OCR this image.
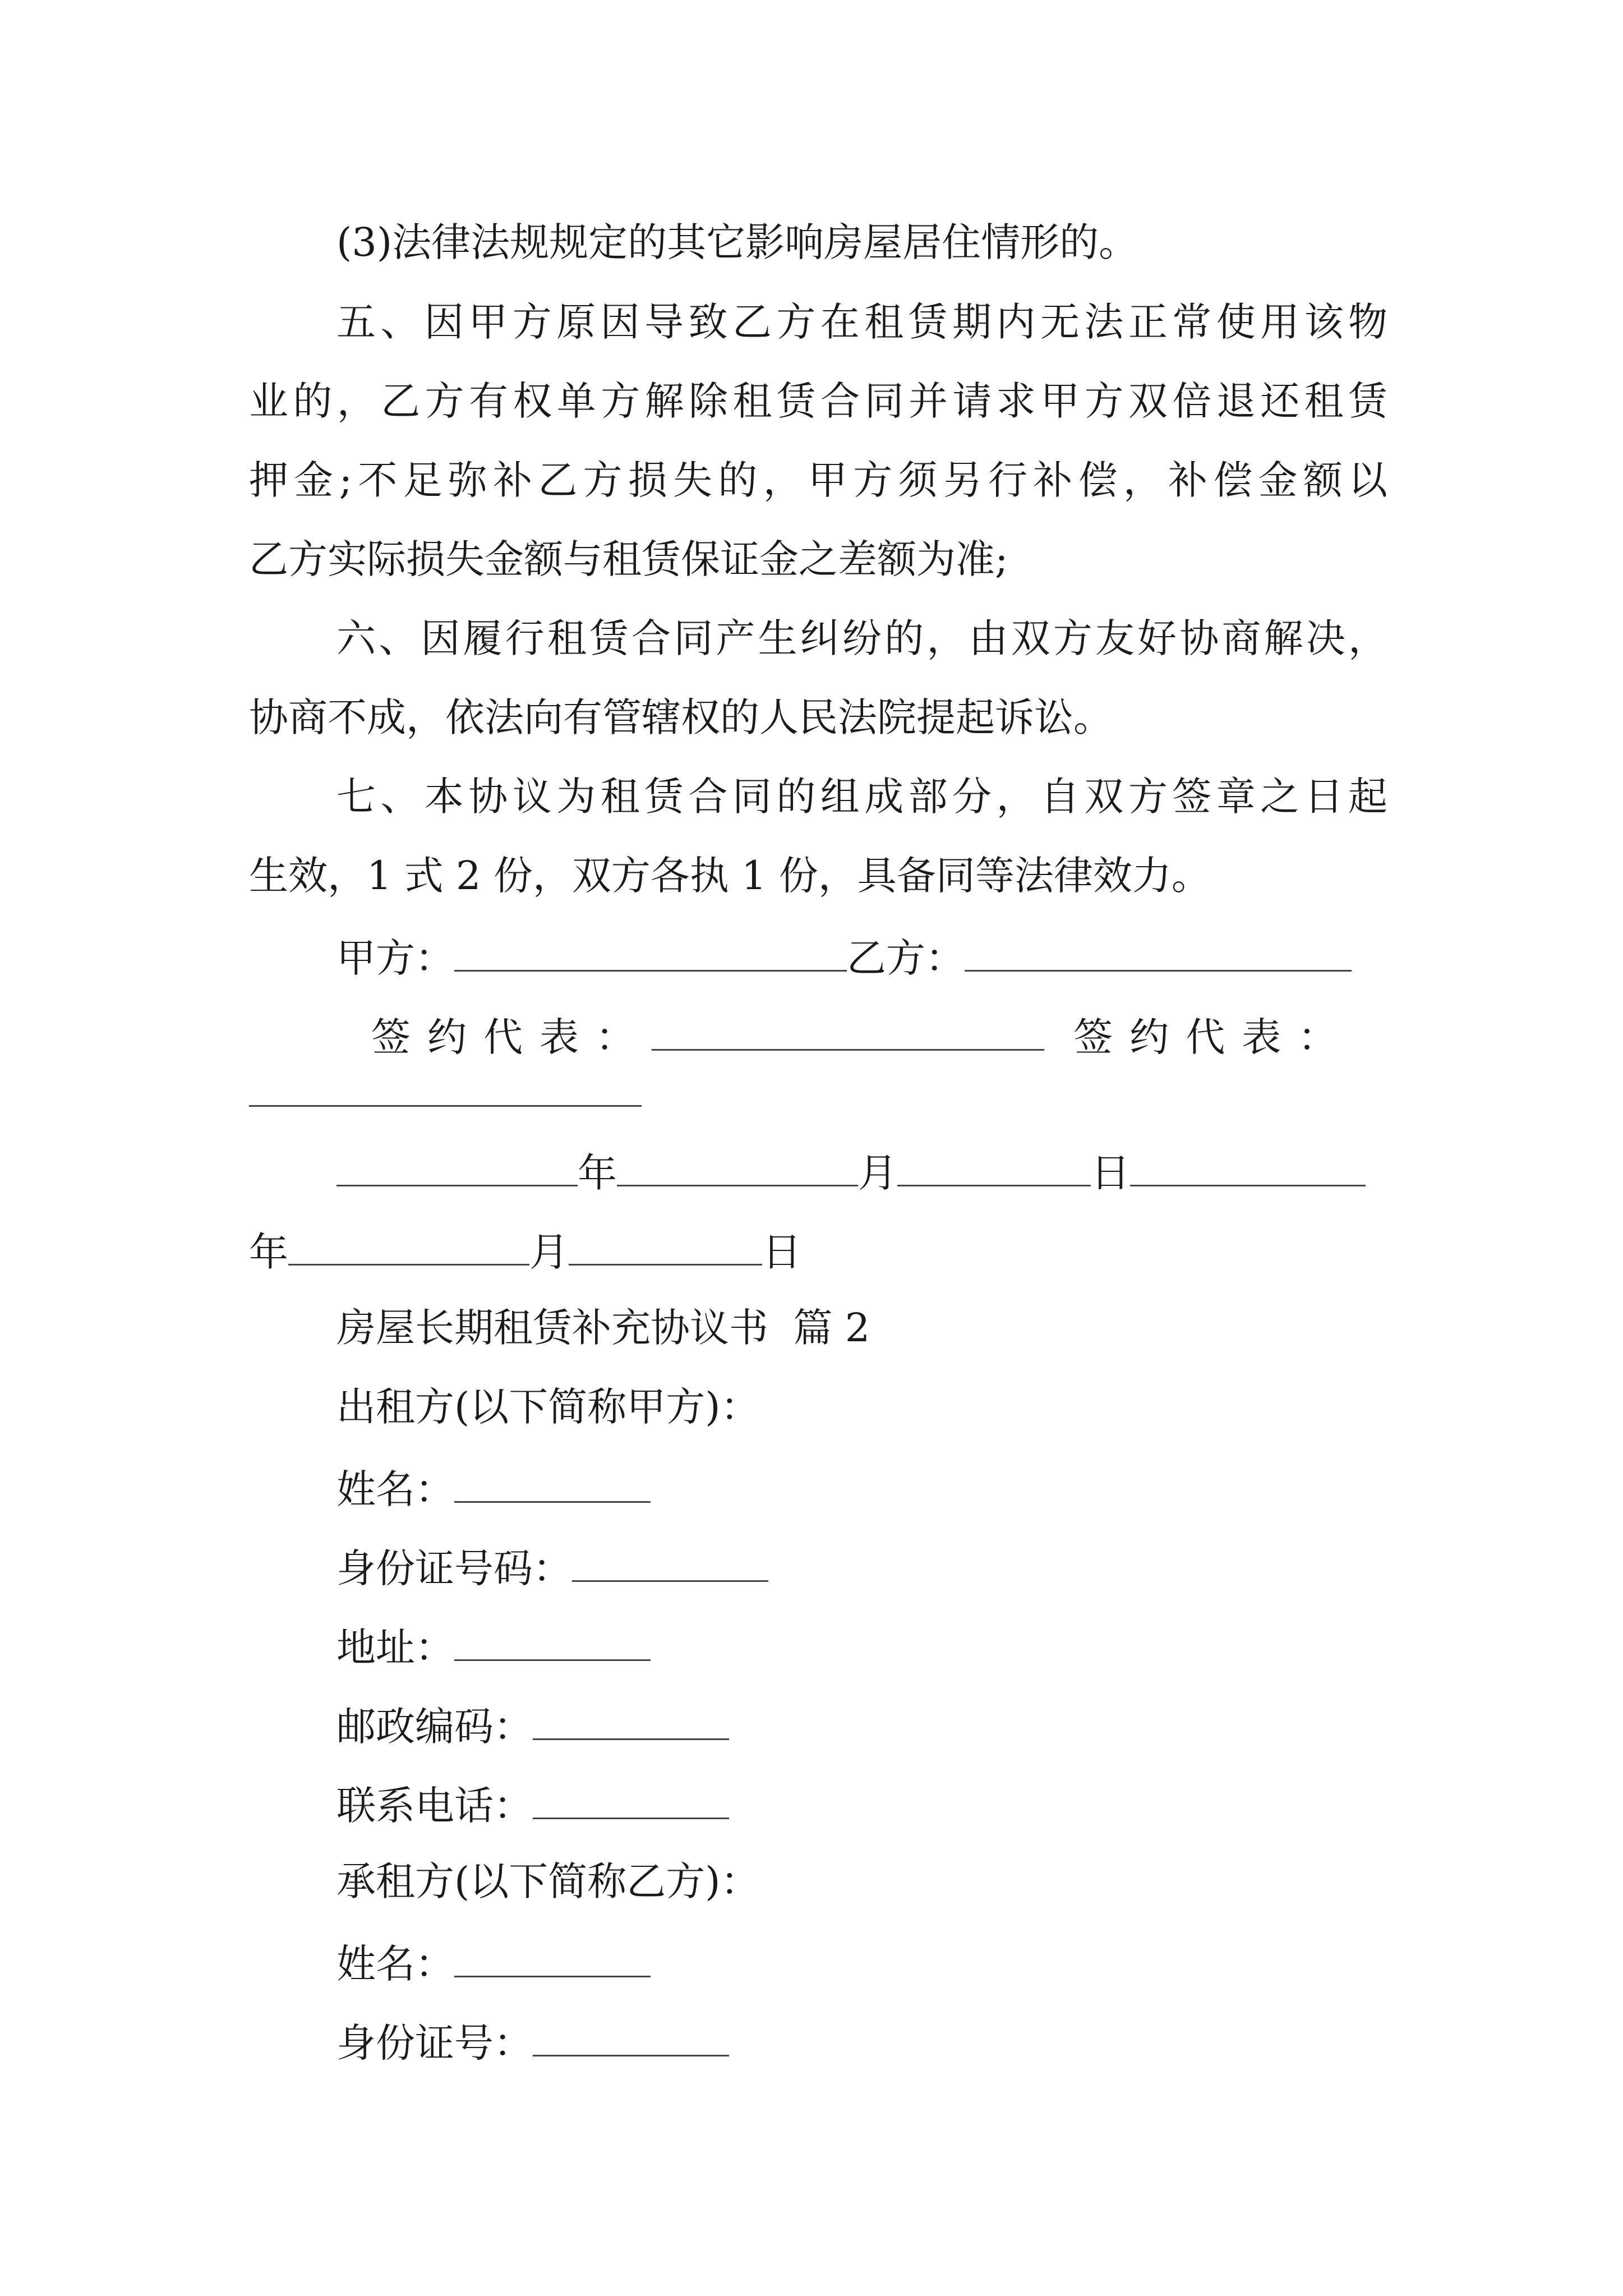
(3)法律法规规定的其它影响房屋居住情形的。
五、因甲方原因导致乙方在租赁期内无法正常使用该物
业的，乙方有权单方解除租赁合同并请求甲方双倍退还租赁
押金;不足弥补乙方损失的，甲方须另行补偿，补偿金额以
乙方实际损失金额与租赁保证金之差额为准;
六、因履行租赁合同产生纠纷的，由双方友好协商解决，
协商不成，依法向有管辖权的人民法院提起诉讼。
七、本协议为租赁合同的组成部分，自双方签章之日起
生效，1 式 2 份，双方各执 1 份，具备同等法律效力。
甲方：	乙方：
签约代表：	签约代表：
年	月	日
年	月	日
房屋长期租赁补充协议书  篇 2
出租方(以下简称甲方)：
姓名：
身份证号码：
地址：
邮政编码：
联系电话：
承租方(以下简称乙方)：
姓名：
身份证号：
